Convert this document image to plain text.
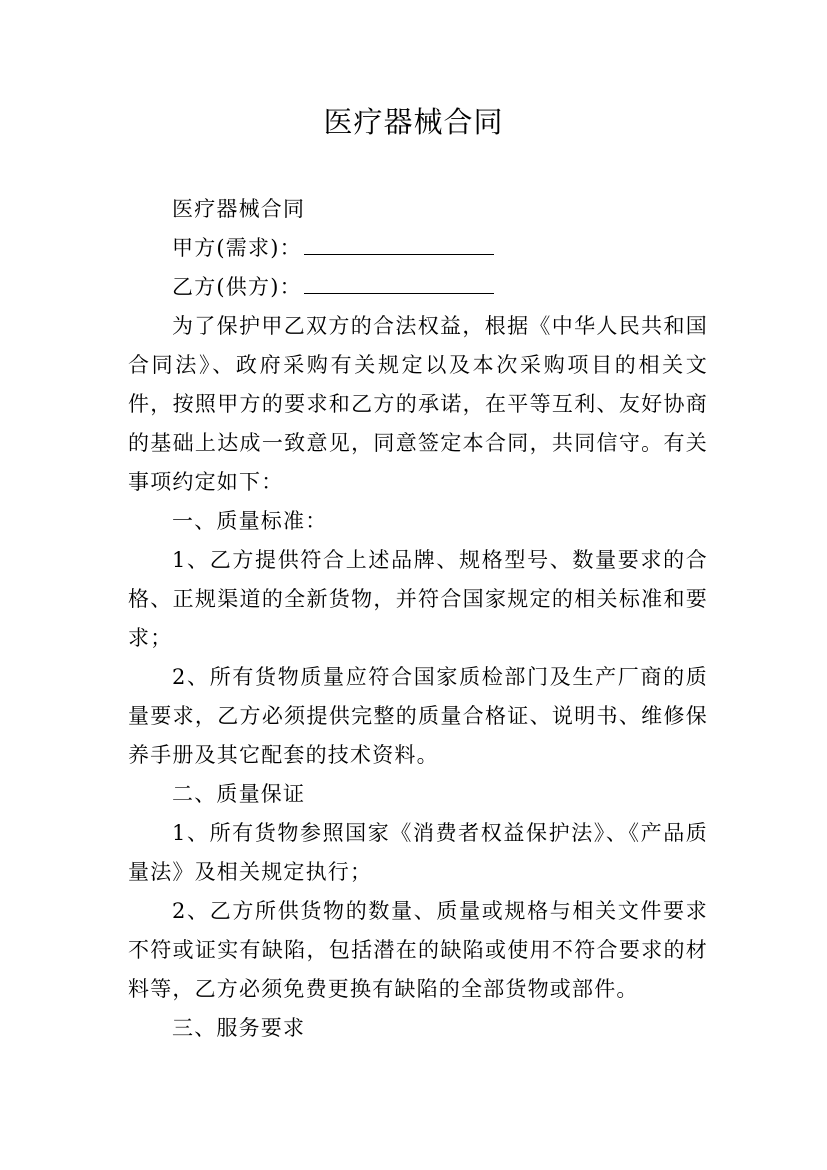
医疗器械合同

医疗器械合同

甲方(需求)：

乙方(供方)：

为了保护甲乙双方的合法权益，根据《中华人民共和国合同法》、政府采购有关规定以及本次采购项目的相关文件，按照甲方的要求和乙方的承诺，在平等互利、友好协商的基础上达成一致意见，同意签定本合同，共同信守。有关事项约定如下：

一、质量标准：

1、乙方提供符合上述品牌、规格型号、数量要求的合格、正规渠道的全新货物，并符合国家规定的相关标准和要求；

2、所有货物质量应符合国家质检部门及生产厂商的质量要求，乙方必须提供完整的质量合格证、说明书、维修保养手册及其它配套的技术资料。

二、质量保证

1、所有货物参照国家《消费者权益保护法》、《产品质量法》及相关规定执行；

2、乙方所供货物的数量、质量或规格与相关文件要求不符或证实有缺陷，包括潜在的缺陷或使用不符合要求的材料等，乙方必须免费更换有缺陷的全部货物或部件。

三、服务要求
